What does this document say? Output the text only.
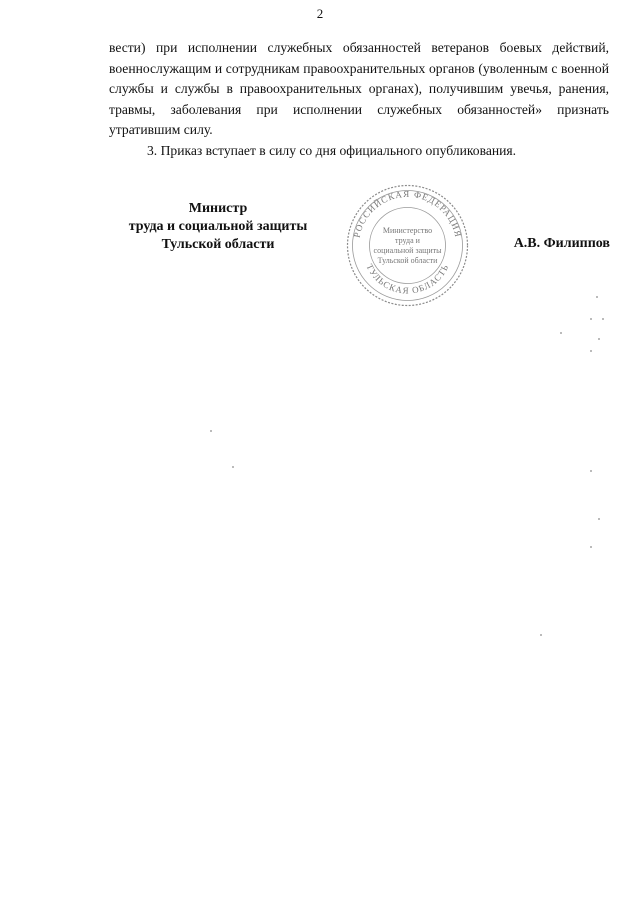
2

вести) при исполнении служебных обязанностей ветеранов боевых действий, военнослужащим и сотрудникам правоохранительных органов (уволенным с военной службы и службы в правоохранительных органах), получившим увечья, ранения, травмы, заболевания при исполнении служебных обязанностей» признать утратившим силу.

3. Приказ вступает в силу со дня официального опубликования.

Министр
труда и социальной защиты
Тульской области
РОССИЙСКАЯ ФЕДЕРАЦИЯ
ТУЛЬСКАЯ ОБЛАСТЬ
Министерство
труда и
социальной защиты
Тульской области
А.В. Филиппов
